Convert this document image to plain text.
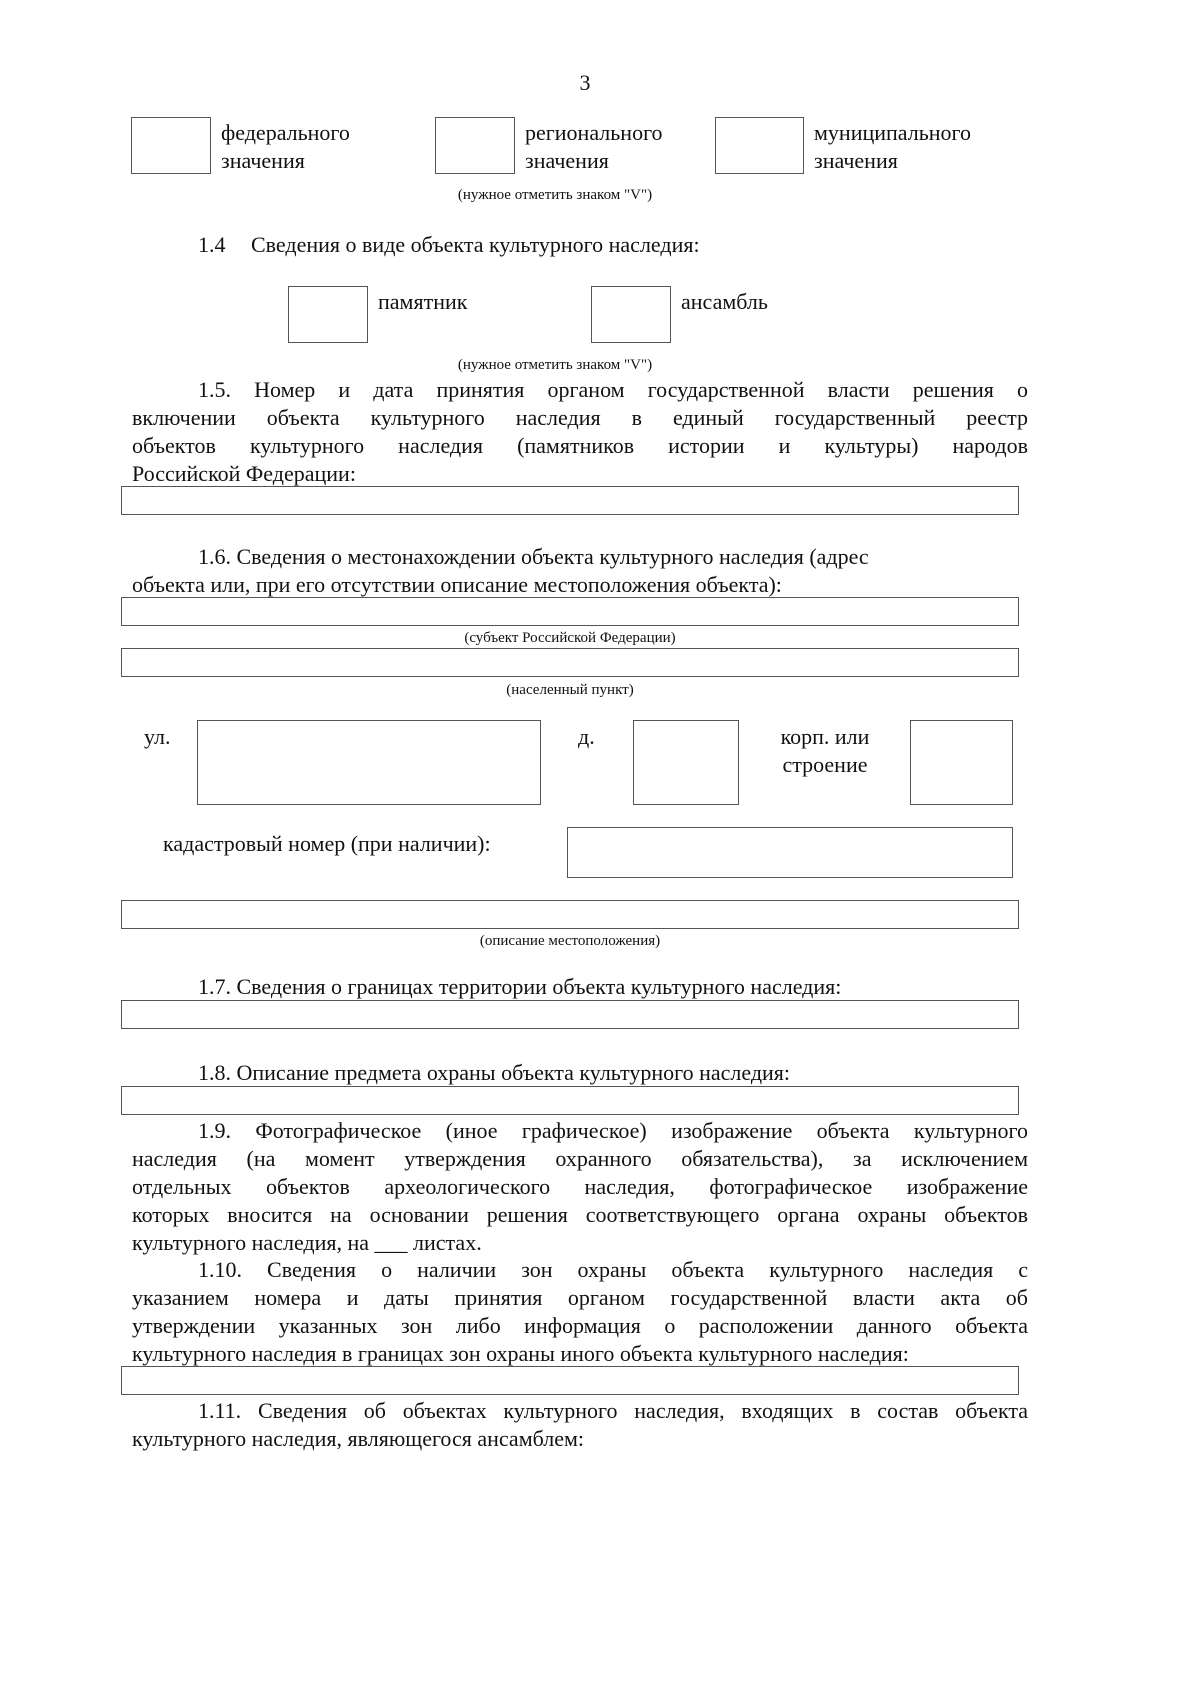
3
федерального
значения
регионального
значения
муниципального
значения
(нужное отметить знаком "V")
1.4 Сведения о виде объекта культурного наследия:
памятник	ансамбль
(нужное отметить знаком "V")
1.5. Номер и дата принятия органом государственной власти решения о
включении объекта культурного наследия в единый государственный реестр
объектов культурного наследия (памятников истории и культуры) народов
Российской Федерации:
1.6. Сведения о местонахождении объекта культурного наследия (адрес
объекта или, при его отсутствии описание местоположения объекта):
(субъект Российской Федерации)
(населенный пункт)
ул.	д.	корп. или
строение
кадастровый номер (при наличии):
(описание местоположения)
1.7. Сведения о границах территории объекта культурного наследия:
1.8. Описание предмета охраны объекта культурного наследия:
1.9. Фотографическое (иное графическое) изображение объекта культурного
наследия (на момент утверждения охранного обязательства), за исключением
отдельных объектов археологического наследия, фотографическое изображение
которых вносится на основании решения соответствующего органа охраны объектов
культурного наследия, на ___ листах.
1.10. Сведения о наличии зон охраны объекта культурного наследия с
указанием номера и даты принятия органом государственной власти акта об
утверждении указанных зон либо информация о расположении данного объекта
культурного наследия в границах зон охраны иного объекта культурного наследия:
1.11. Сведения об объектах культурного наследия, входящих в состав объекта
культурного наследия, являющегося ансамблем:
